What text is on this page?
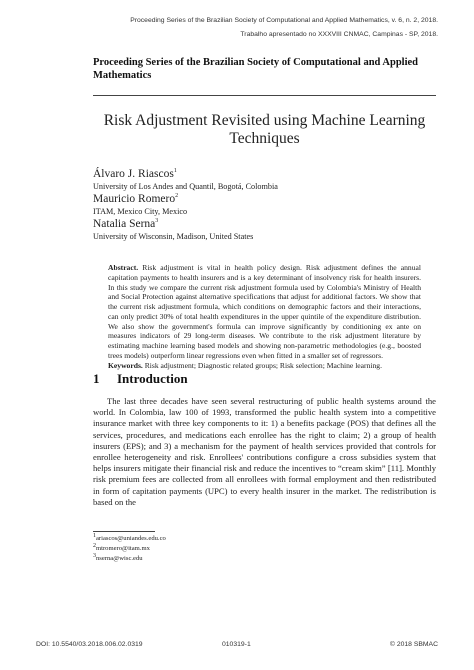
Proceeding Series of the Brazilian Society of Computational and Applied Mathematics, v. 6, n. 2, 2018.
Trabalho apresentado no XXXVIII CNMAC, Campinas - SP, 2018.
Proceeding Series of the Brazilian Society of Computational and Applied Mathematics
Risk Adjustment Revisited using Machine Learning Techniques
Álvaro J. Riascos$^1$
University of Los Andes and Quantil, Bogotá, Colombia
Mauricio Romero$^2$
ITAM, Mexico City, Mexico
Natalia Serna$^3$
University of Wisconsin, Madison, United States
Abstract. Risk adjustment is vital in health policy design. Risk adjustment defines the annual capitation payments to health insurers and is a key determinant of insolvency risk for health insurers. In this study we compare the current risk adjustment formula used by Colombia's Ministry of Health and Social Protection against alternative specifications that adjust for additional factors. We show that the current risk adjustment formula, which conditions on demographic factors and their interactions, can only predict 30% of total health expenditures in the upper quintile of the expenditure distribution. We also show the government's formula can improve significantly by conditioning ex ante on measures indicators of 29 long-term diseases. We contribute to the risk adjustment literature by estimating machine learning based models and showing non-parametric methodologies (e.g., boosted trees models) outperform linear regressions even when fitted in a smaller set of regressors.
Keywords. Risk adjustment; Diagnostic related groups; Risk selection; Machine learning.
1 Introduction
The last three decades have seen several restructuring of public health systems around the world. In Colombia, law 100 of 1993, transformed the public health system into a competitive insurance market with three key components to it: 1) a benefits package (POS) that defines all the services, procedures, and medications each enrollee has the right to claim; 2) a group of health insurers (EPS); and 3) a mechanism for the payment of health services provided that controls for enrollee heterogeneity and risk. Enrollees' contributions configure a cross subsidies system that helps insurers mitigate their financial risk and reduce the incentives to “cream skim” [11]. Monthly risk premium fees are collected from all enrollees with formal employment and then redistributed in form of capitation payments (UPC) to every health insurer in the market. The redistribution is based on the
$^1$ariascos@uniandes.edu.co
$^2$mtromero@itam.mx
$^3$nserna@wisc.edu
DOI: 10.5540/03.2018.006.02.0319	010319-1	© 2018 SBMAC
